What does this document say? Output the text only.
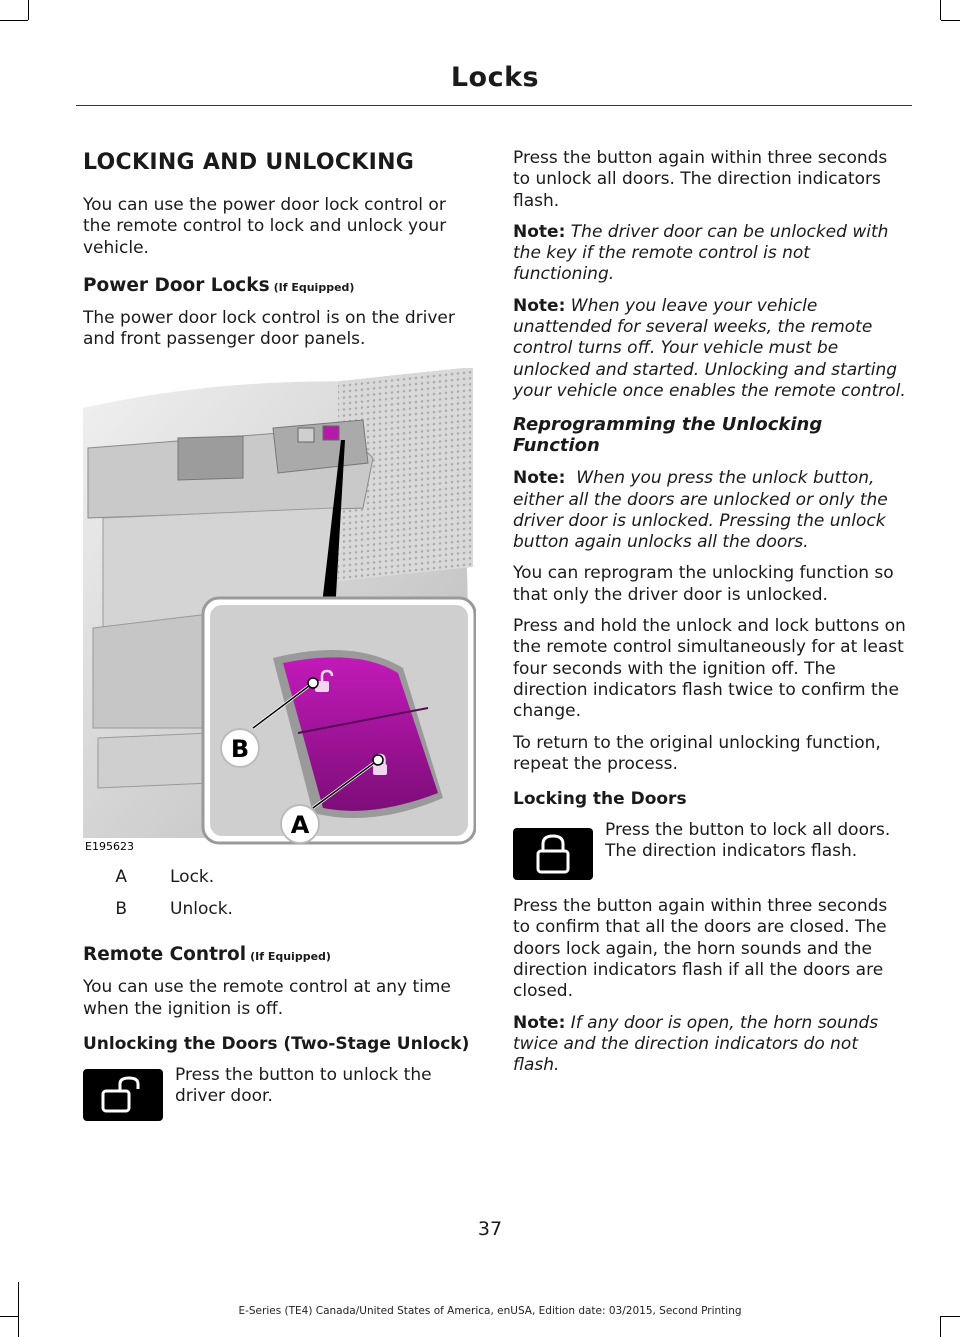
Locks
LOCKING AND UNLOCKING

You can use the power door lock control or the remote control to lock and unlock your vehicle.

Power Door Locks (If Equipped)

The power door lock control is on the driver and front passenger door panels.

B
A
E195623
A	Lock.
B	Unlock.
Remote Control (If Equipped)

You can use the remote control at any time when the ignition is off.

Unlocking the Doors (Two-Stage Unlock)

Press the button to unlock the driver door.

Press the button again within three seconds to unlock all doors. The direction indicators flash.

Note: The driver door can be unlocked with the key if the remote control is not functioning.

Note: When you leave your vehicle unattended for several weeks, the remote control turns off. Your vehicle must be unlocked and started. Unlocking and starting your vehicle once enables the remote control.

Reprogramming the Unlocking Function

Note: When you press the unlock button, either all the doors are unlocked or only the driver door is unlocked. Pressing the unlock button again unlocks all the doors.

You can reprogram the unlocking function so that only the driver door is unlocked.

Press and hold the unlock and lock buttons on the remote control simultaneously for at least four seconds with the ignition off. The direction indicators flash twice to confirm the change.

To return to the original unlocking function, repeat the process.

Locking the Doors

Press the button to lock all doors. The direction indicators flash.

Press the button again within three seconds to confirm that all the doors are closed. The doors lock again, the horn sounds and the direction indicators flash if all the doors are closed.

Note: If any door is open, the horn sounds twice and the direction indicators do not flash.

37
E-Series (TE4) Canada/United States of America, enUSA, Edition date: 03/2015, Second Printing
